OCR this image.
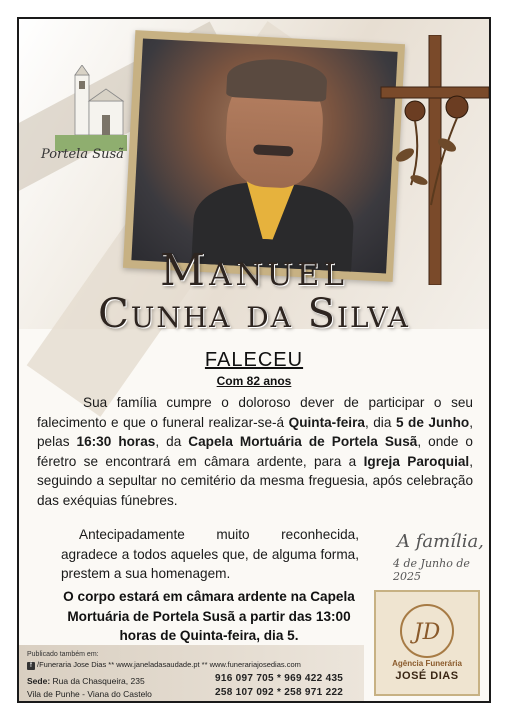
Portela Susã
Manuel
Cunha da Silva
FALECEU
Com 82 anos
Sua família cumpre o doloroso dever de participar o seu falecimento e que o funeral realizar-se-á Quinta-feira, dia 5 de Junho, pelas 16:30 horas, da Capela Mortuária de Portela Susã, onde o féretro se encontrará em câmara ardente, para a Igreja Paroquial, seguindo a sepultar no cemitério da mesma freguesia, após celebração das exéquias fúnebres.
Antecipadamente muito reconhecida, agradece a todos aqueles que, de alguma forma, prestem a sua homenagem.
O corpo estará em câmara ardente na Capela Mortuária de Portela Susã a partir das 13:00 horas de Quinta-feira, dia 5.
A família,
4 de Junho de 2025
Publicado também em:
f /Funeraria Jose Dias ** www.janeladasaudade.pt ** www.funerariajosedias.com
Sede: Rua da Chasqueira, 235
Vila de Punhe - Viana do Castelo
916 097 705 * 969 422 435
258 107 092 * 258 971 222
JD
Agência Funerária
JOSÉ DIAS
